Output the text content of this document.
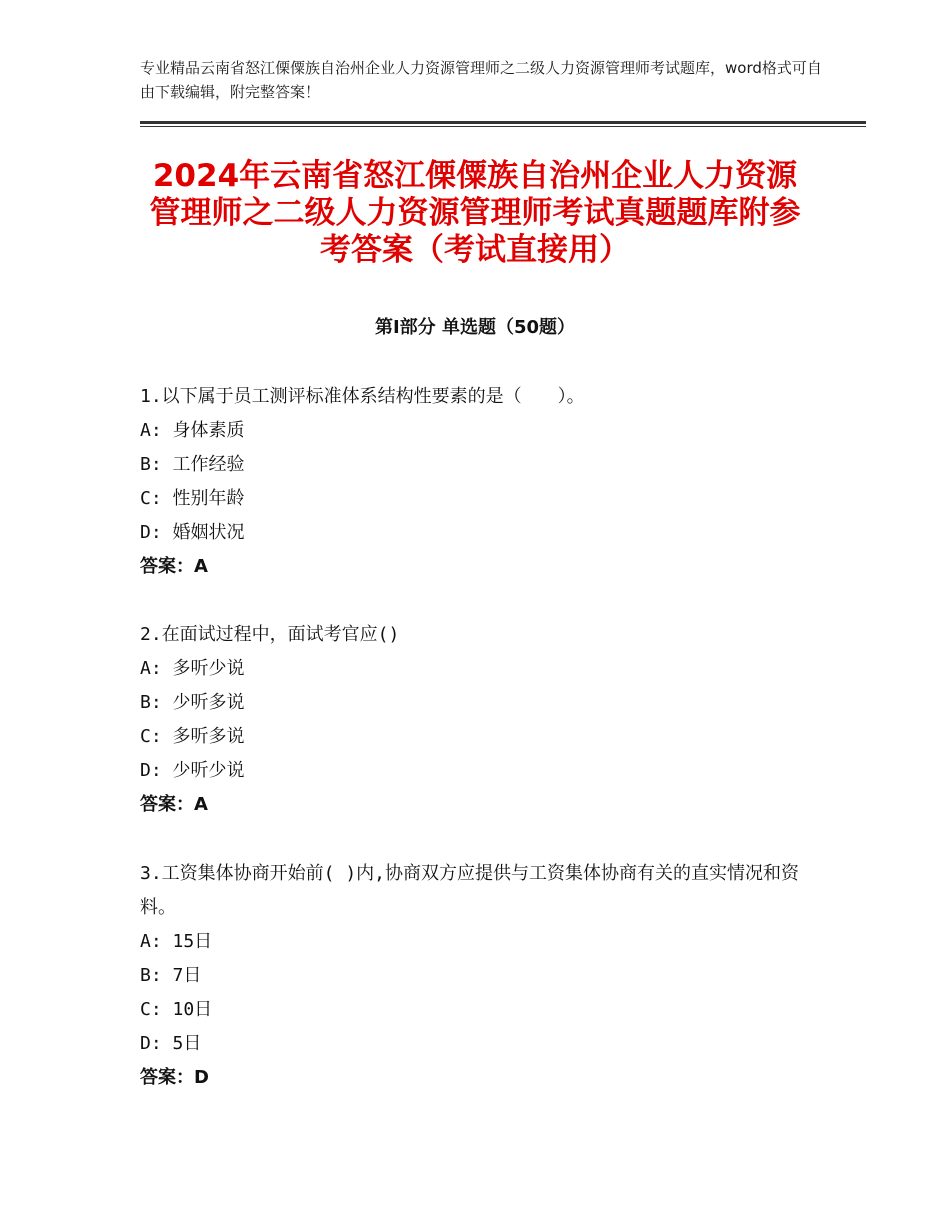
专业精品云南省怒江傈僳族自治州企业人力资源管理师之二级人力资源管理师考试题库，word格式可自由下载编辑，附完整答案！
2024年云南省怒江傈僳族自治州企业人力资源管理师之二级人力资源管理师考试真题题库附参考答案（考试直接用）
第Ⅰ部分 单选题（50题）
1.以下属于员工测评标准体系结构性要素的是（　　）。
A: 身体素质
B: 工作经验
C: 性别年龄
D: 婚姻状况
答案：A
2.在面试过程中，面试考官应()
A: 多听少说
B: 少听多说
C: 多听多说
D: 少听少说
答案：A
3.工资集体协商开始前( )内,协商双方应提供与工资集体协商有关的直实情况和资料。
A: 15日
B: 7日
C: 10日
D: 5日
答案：D
